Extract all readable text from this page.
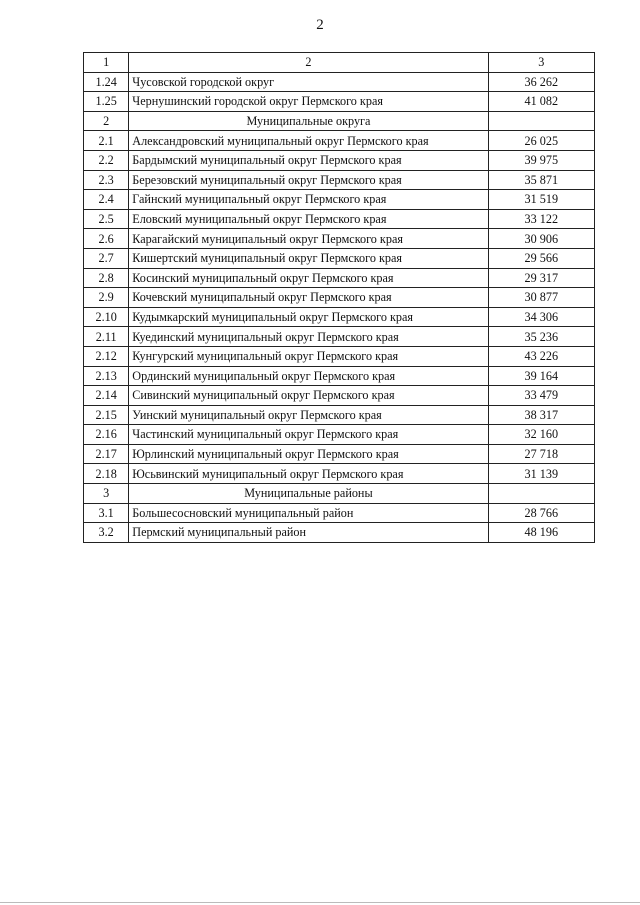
2
1	2	3
1.24	Чусовской городской округ	36 262
1.25	Чернушинский городской округ Пермского края	41 082
2	Муниципальные округа	
2.1	Александровский муниципальный округ Пермского края	26 025
2.2	Бардымский муниципальный округ Пермского края	39 975
2.3	Березовский муниципальный округ Пермского края	35 871
2.4	Гайнский муниципальный округ Пермского края	31 519
2.5	Еловский муниципальный округ Пермского края	33 122
2.6	Карагайский муниципальный округ Пермского края	30 906
2.7	Кишертский муниципальный округ Пермского края	29 566
2.8	Косинский муниципальный округ Пермского края	29 317
2.9	Кочевский муниципальный округ Пермского края	30 877
2.10	Кудымкарский муниципальный округ Пермского края	34 306
2.11	Куединский муниципальный округ Пермского края	35 236
2.12	Кунгурский муниципальный округ Пермского края	43 226
2.13	Ординский муниципальный округ Пермского края	39 164
2.14	Сивинский муниципальный округ Пермского края	33 479
2.15	Уинский муниципальный округ Пермского края	38 317
2.16	Частинский муниципальный округ Пермского края	32 160
2.17	Юрлинский муниципальный округ Пермского края	27 718
2.18	Юсьвинский муниципальный округ Пермского края	31 139
3	Муниципальные районы	
3.1	Большесосновский муниципальный район	28 766
3.2	Пермский муниципальный район	48 196
